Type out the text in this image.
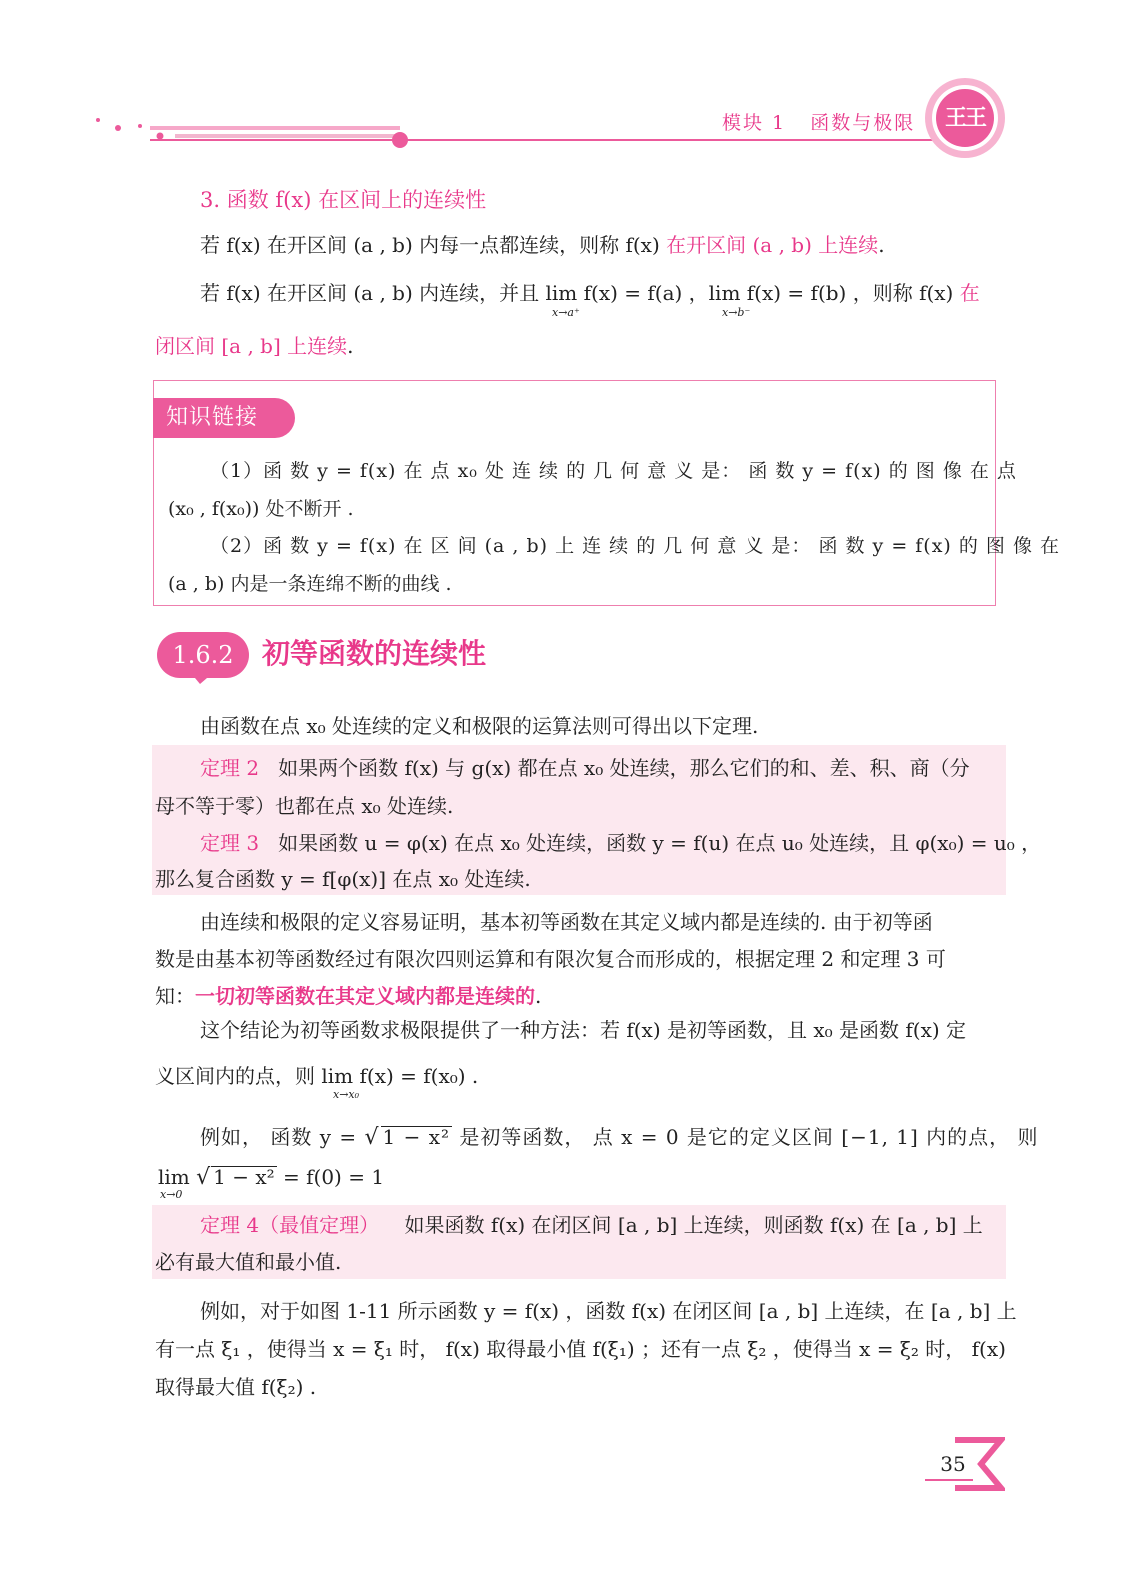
王王
模块 1 函数与极限
3. 函数 f(x) 在区间上的连续性
若 f(x) 在开区间 (a , b) 内每一点都连续，则称 f(x) 在开区间 (a , b) 上连续.
若 f(x) 在开区间 (a , b) 内连续，并且 lim f(x) = f(a) ，lim f(x) = f(b) ，则称 f(x) 在
x→a⁺	x→b⁻
闭区间 [a , b] 上连续.
知识链接
（1）函 数 y = f(x) 在 点 x₀ 处 连 续 的 几 何 意 义 是： 函 数 y = f(x) 的 图 像 在 点
(x₀ , f(x₀)) 处不断开 .
（2）函 数 y = f(x) 在 区 间 (a , b) 上 连 续 的 几 何 意 义 是： 函 数 y = f(x) 的 图 像 在
(a , b) 内是一条连绵不断的曲线 .
1.6.2	初等函数的连续性
由函数在点 x₀ 处连续的定义和极限的运算法则可得出以下定理.
定理 2 如果两个函数 f(x) 与 g(x) 都在点 x₀ 处连续，那么它们的和、差、积、商（分
母不等于零）也都在点 x₀ 处连续.
定理 3 如果函数 u = φ(x) 在点 x₀ 处连续，函数 y = f(u) 在点 u₀ 处连续，且 φ(x₀) = u₀ ，
那么复合函数 y = f[φ(x)] 在点 x₀ 处连续.
由连续和极限的定义容易证明，基本初等函数在其定义域内都是连续的. 由于初等函
数是由基本初等函数经过有限次四则运算和有限次复合而形成的，根据定理 2 和定理 3 可
知：一切初等函数在其定义域内都是连续的.
这个结论为初等函数求极限提供了一种方法：若 f(x) 是初等函数，且 x₀ 是函数 f(x) 定
义区间内的点，则 lim f(x) = f(x₀) .
x→x₀
例如， 函数 y = √ 1 − x² 是初等函数， 点 x = 0 是它的定义区间 [−1, 1] 内的点， 则
lim √ 1 − x² = f(0) = 1
x→0
定理 4（最值定理） 如果函数 f(x) 在闭区间 [a , b] 上连续，则函数 f(x) 在 [a , b] 上
必有最大值和最小值.
例如，对于如图 1-11 所示函数 y = f(x) ，函数 f(x) 在闭区间 [a , b] 上连续，在 [a , b] 上
有一点 ξ₁ ，使得当 x = ξ₁ 时， f(x) 取得最小值 f(ξ₁) ；还有一点 ξ₂ ，使得当 x = ξ₂ 时， f(x)
取得最大值 f(ξ₂) .
35
